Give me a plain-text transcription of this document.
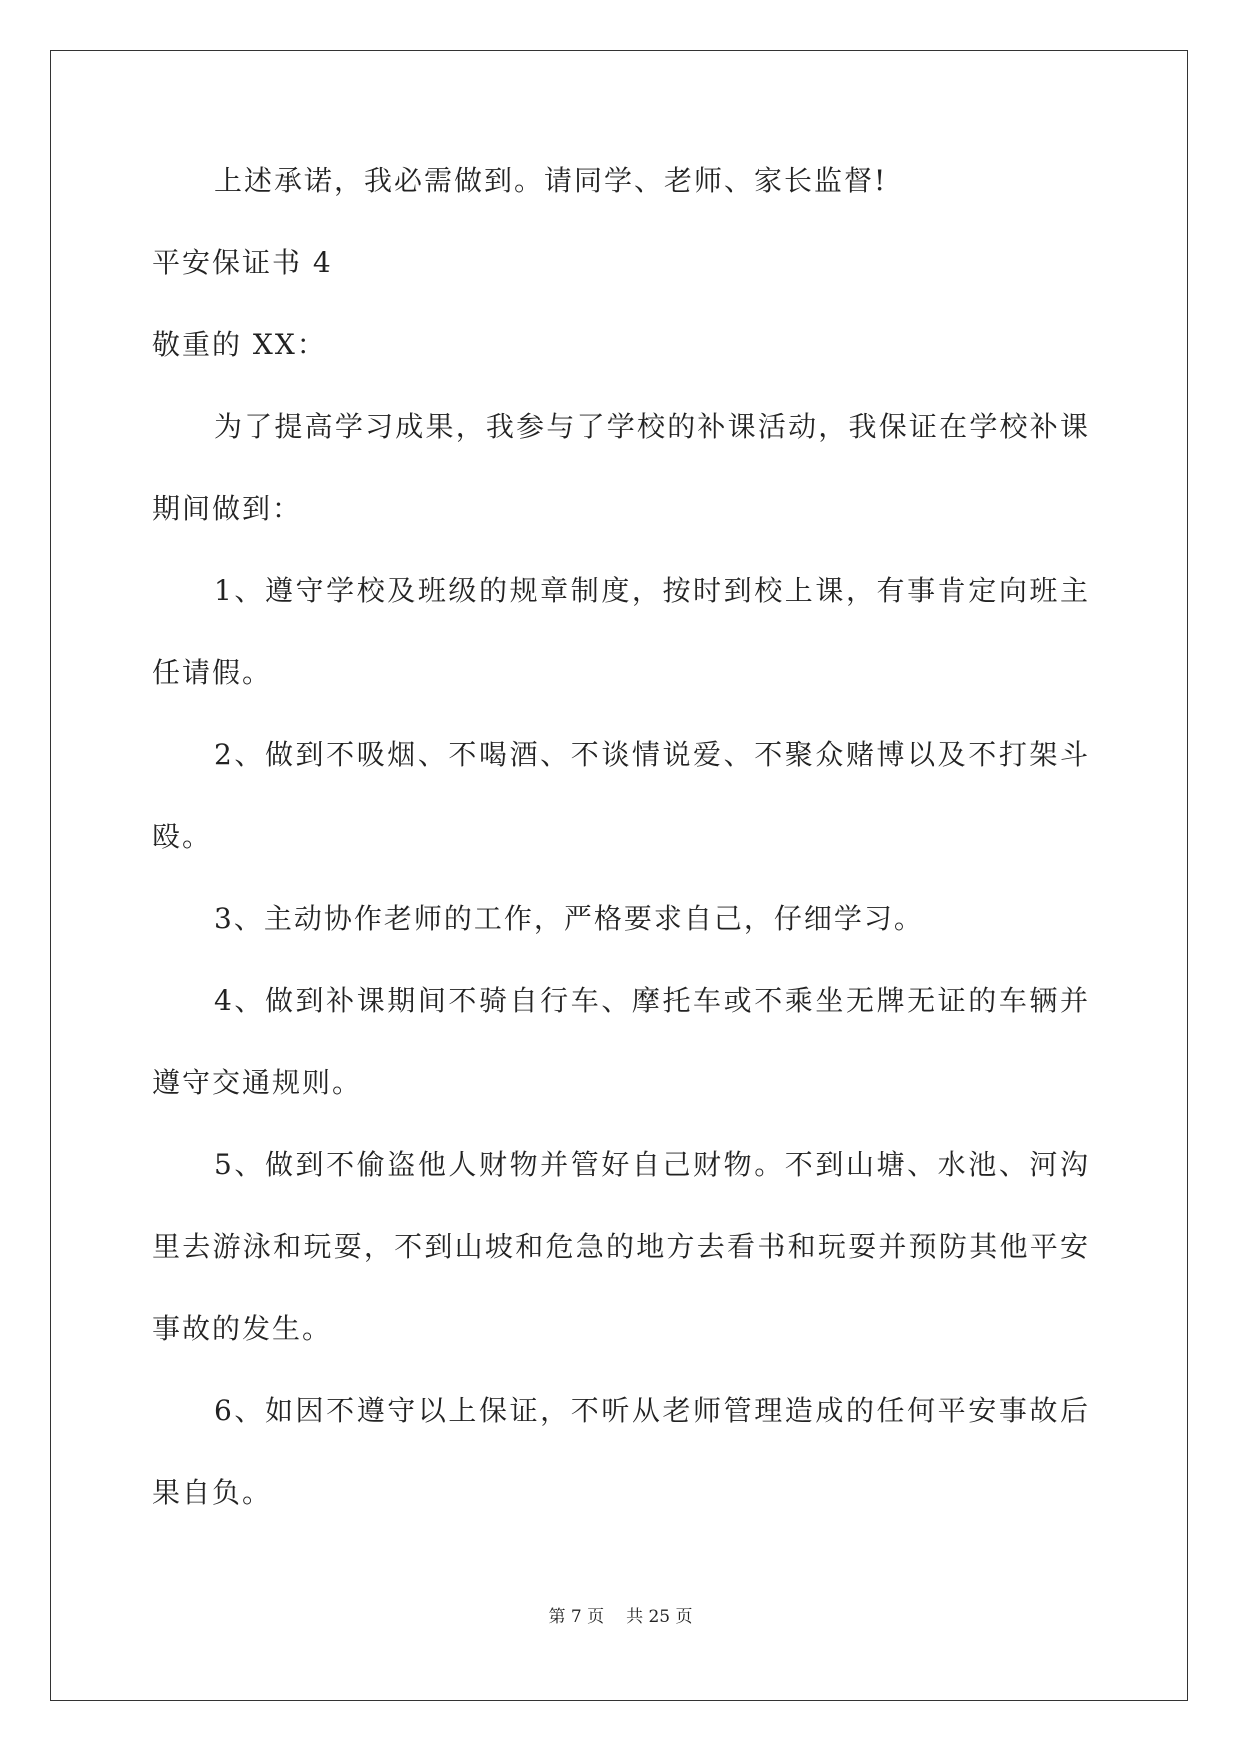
上述承诺，我必需做到。请同学、老师、家长监督!

平安保证书 4

敬重的 XX：

为了提高学习成果，我参与了学校的补课活动，我保证在学校补课期间做到：

1、遵守学校及班级的规章制度，按时到校上课，有事肯定向班主任请假。

2、做到不吸烟、不喝酒、不谈情说爱、不聚众赌博以及不打架斗殴。

3、主动协作老师的工作，严格要求自己，仔细学习。

4、做到补课期间不骑自行车、摩托车或不乘坐无牌无证的车辆并遵守交通规则。

5、做到不偷盗他人财物并管好自己财物。不到山塘、水池、河沟里去游泳和玩耍，不到山坡和危急的地方去看书和玩耍并预防其他平安事故的发生。

6、如因不遵守以上保证，不听从老师管理造成的任何平安事故后果自负。

第 7 页 共 25 页
